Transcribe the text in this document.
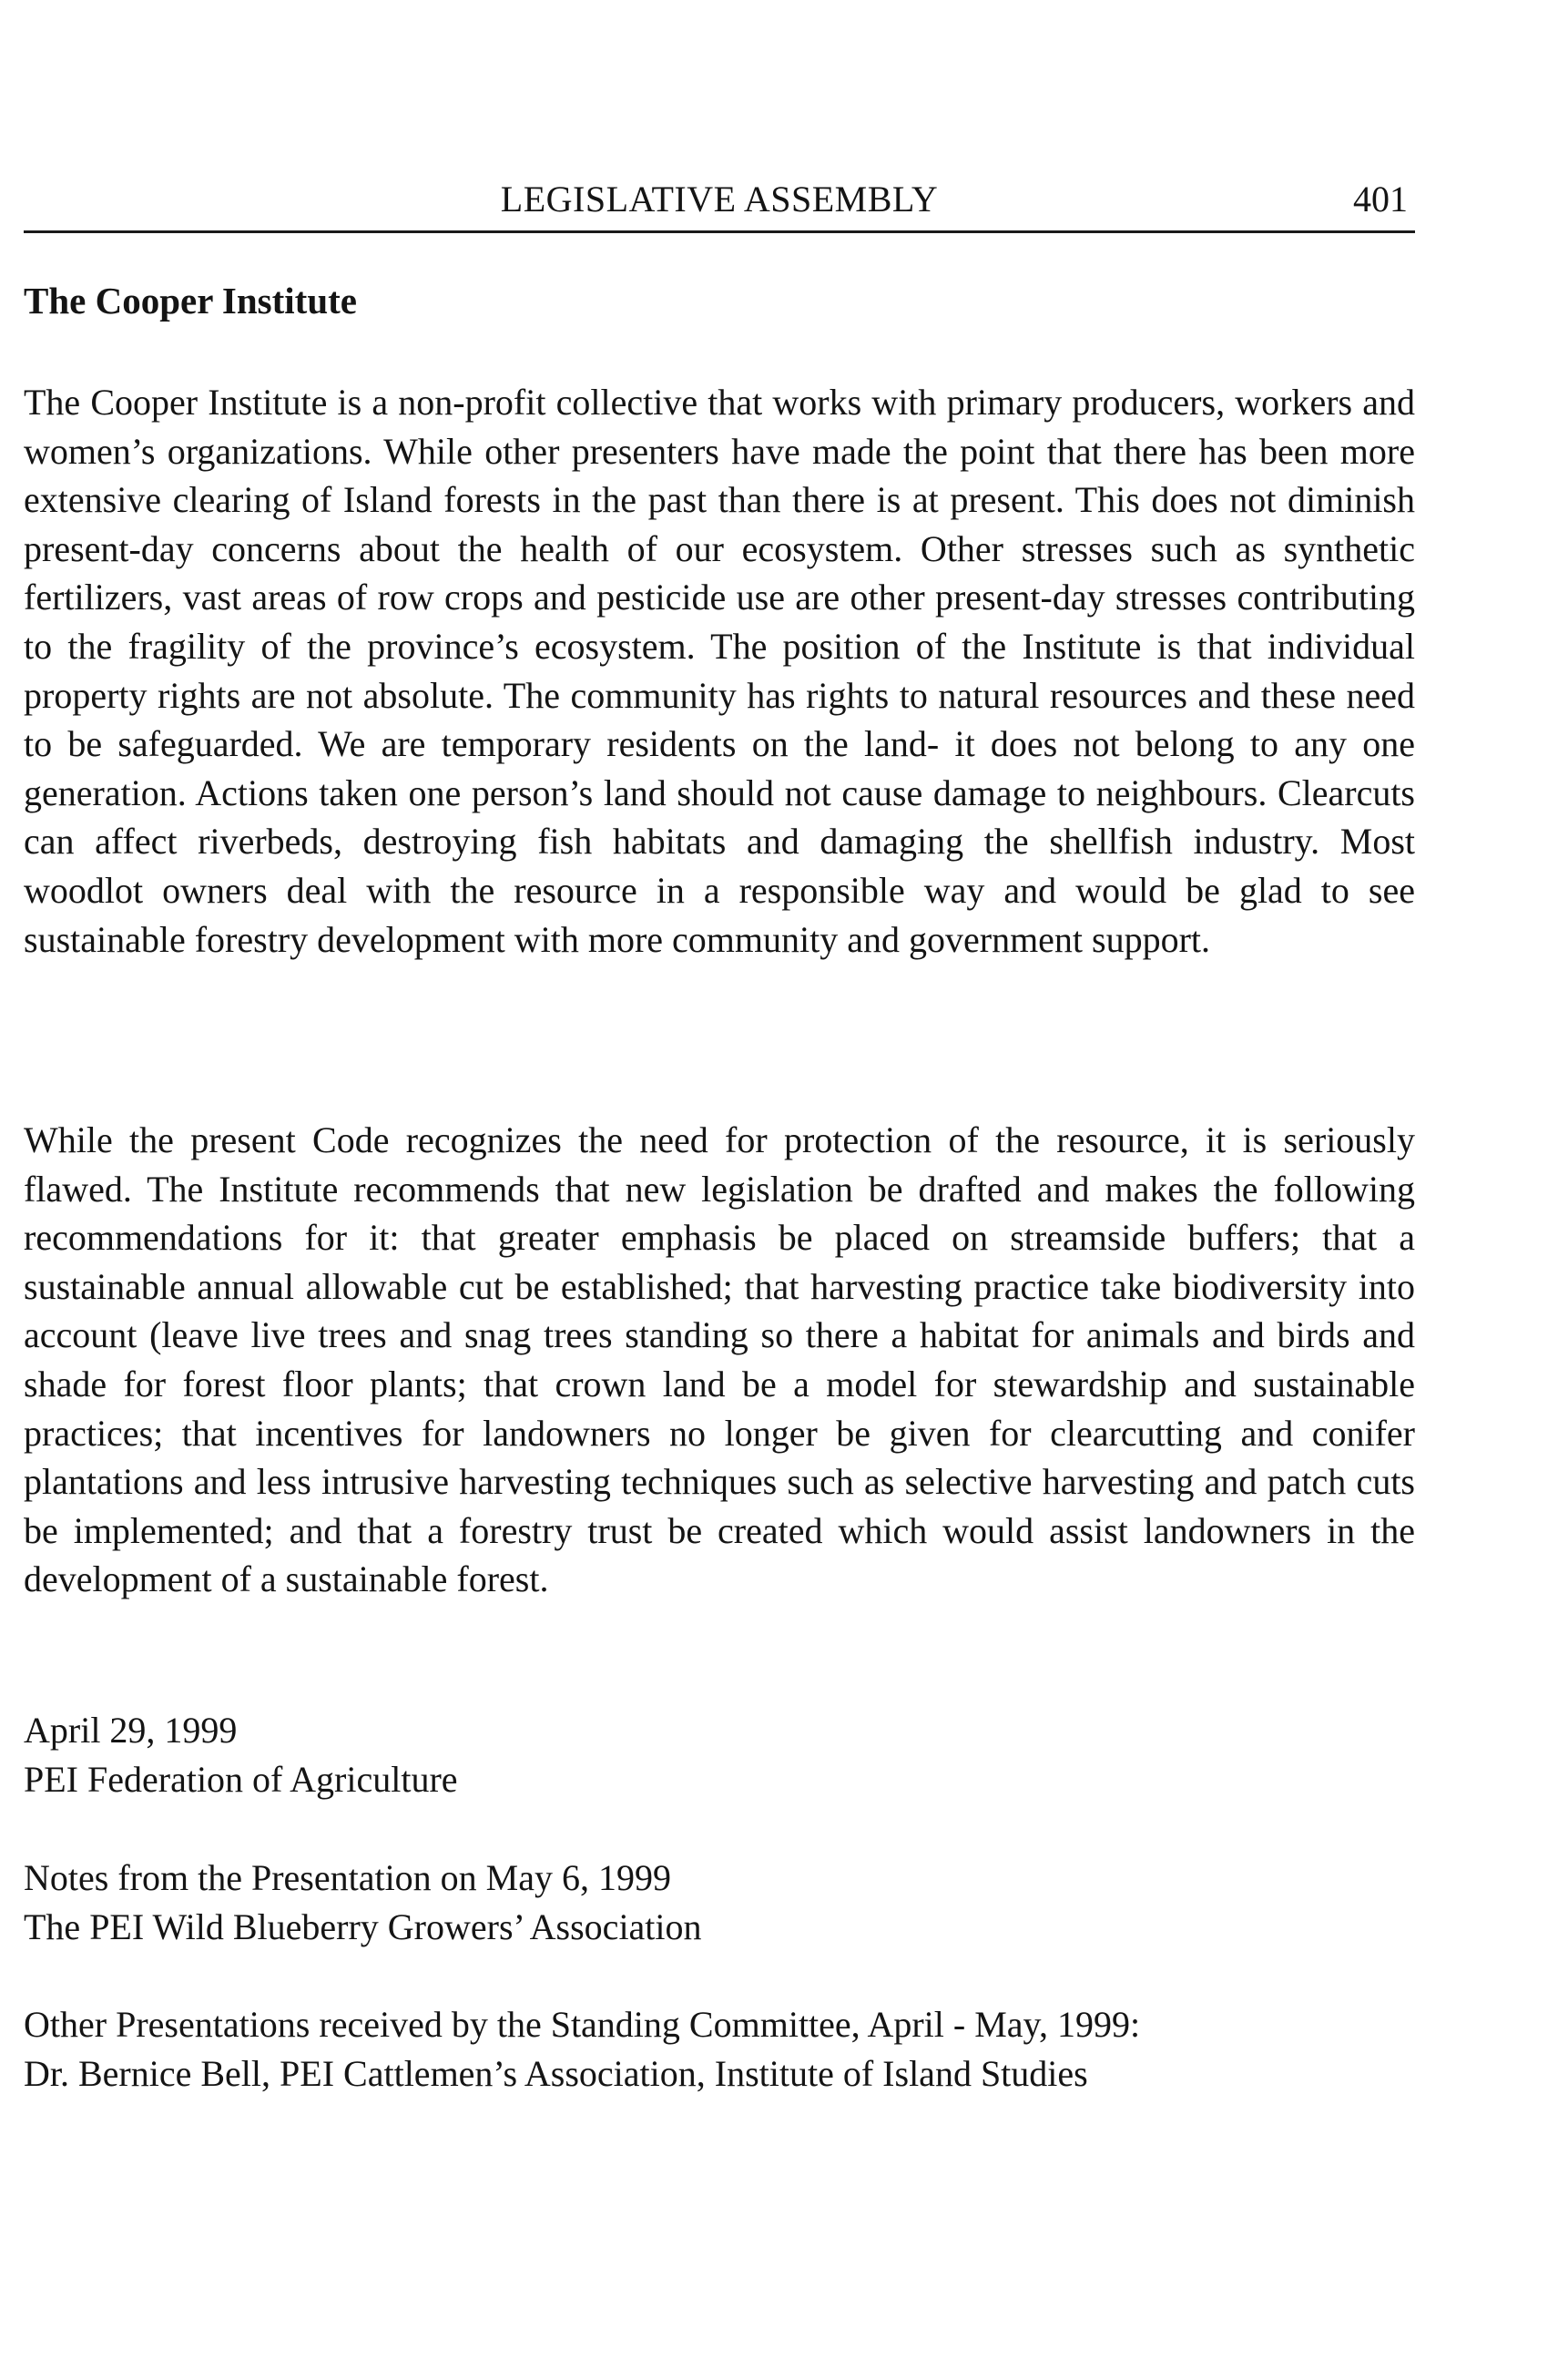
LEGISLATIVE ASSEMBLY	401
The Cooper Institute

The Cooper Institute is a non-profit collective that works with primary producers, workers and women’s organizations. While other presenters have made the point that there has been more extensive clearing of Island forests in the past than there is at present. This does not diminish present-day concerns about the health of our ecosystem. Other stresses such as synthetic fertilizers, vast areas of row crops and pesticide use are other present-day stresses contributing to the fragility of the province’s ecosystem. The position of the Institute is that individual property rights are not absolute. The community has rights to natural resources and these need to be safeguarded. We are temporary residents on the land- it does not belong to any one generation. Actions taken one person’s land should not cause damage to neighbours. Clearcuts can affect riverbeds, destroying fish habitats and damaging the shellfish industry. Most woodlot owners deal with the resource in a responsible way and would be glad to see sustainable forestry development with more community and government support.

While the present Code recognizes the need for protection of the resource, it is seriously flawed. The Institute recommends that new legislation be drafted and makes the following recommendations for it: that greater emphasis be placed on streamside buffers; that a sustainable annual allowable cut be established; that harvesting practice take biodiversity into account (leave live trees and snag trees standing so there a habitat for animals and birds and shade for forest floor plants; that crown land be a model for stewardship and sustainable practices; that incentives for landowners no longer be given for clearcutting and conifer plantations and less intrusive harvesting techniques such as selective harvesting and patch cuts be implemented; and that a forestry trust be created which would assist landowners in the development of a sustainable forest.

April 29, 1999
PEI Federation of Agriculture
Notes from the Presentation on May 6, 1999
The PEI Wild Blueberry Growers’ Association
Other Presentations received by the Standing Committee, April - May, 1999:
Dr. Bernice Bell, PEI Cattlemen’s Association, Institute of Island Studies
